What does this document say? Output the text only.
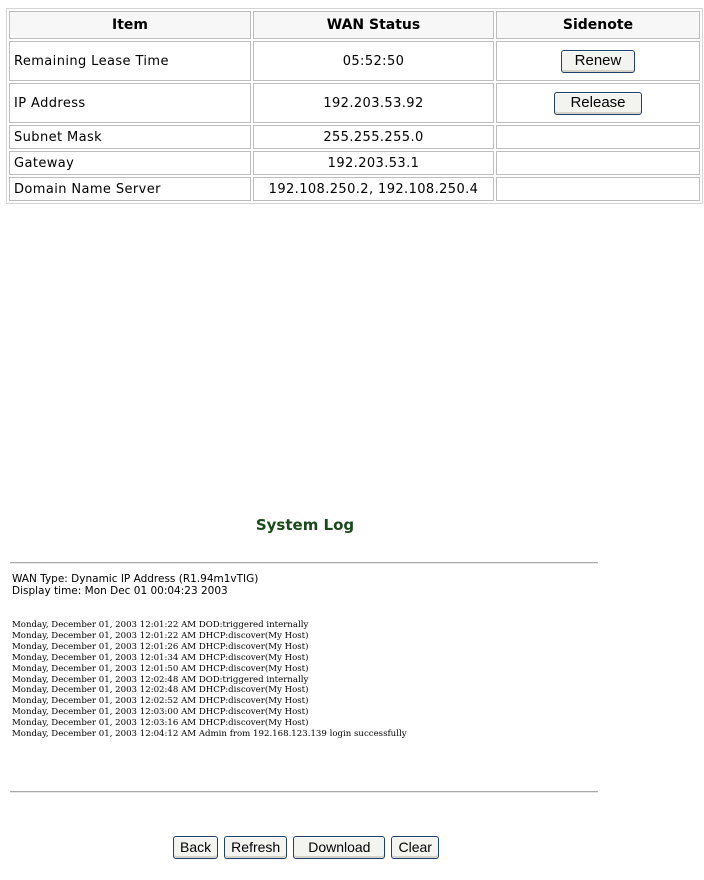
Item	WAN Status	Sidenote
Remaining Lease Time	05:52:50	Renew
IP Address	192.203.53.92	Release
Subnet Mask	255.255.255.0	
Gateway	192.203.53.1	
Domain Name Server	192.108.250.2, 192.108.250.4	
System Log
WAN Type: Dynamic IP Address (R1.94m1vTIG)
Display time: Mon Dec 01 00:04:23 2003
Monday, December 01, 2003 12:01:22 AM DOD:triggered internally
Monday, December 01, 2003 12:01:22 AM DHCP:discover(My Host)
Monday, December 01, 2003 12:01:26 AM DHCP:discover(My Host)
Monday, December 01, 2003 12:01:34 AM DHCP:discover(My Host)
Monday, December 01, 2003 12:01:50 AM DHCP:discover(My Host)
Monday, December 01, 2003 12:02:48 AM DOD:triggered internally
Monday, December 01, 2003 12:02:48 AM DHCP:discover(My Host)
Monday, December 01, 2003 12:02:52 AM DHCP:discover(My Host)
Monday, December 01, 2003 12:03:00 AM DHCP:discover(My Host)
Monday, December 01, 2003 12:03:16 AM DHCP:discover(My Host)
Monday, December 01, 2003 12:04:12 AM Admin from 192.168.123.139 login successfully
Back	Refresh	Download	Clear
